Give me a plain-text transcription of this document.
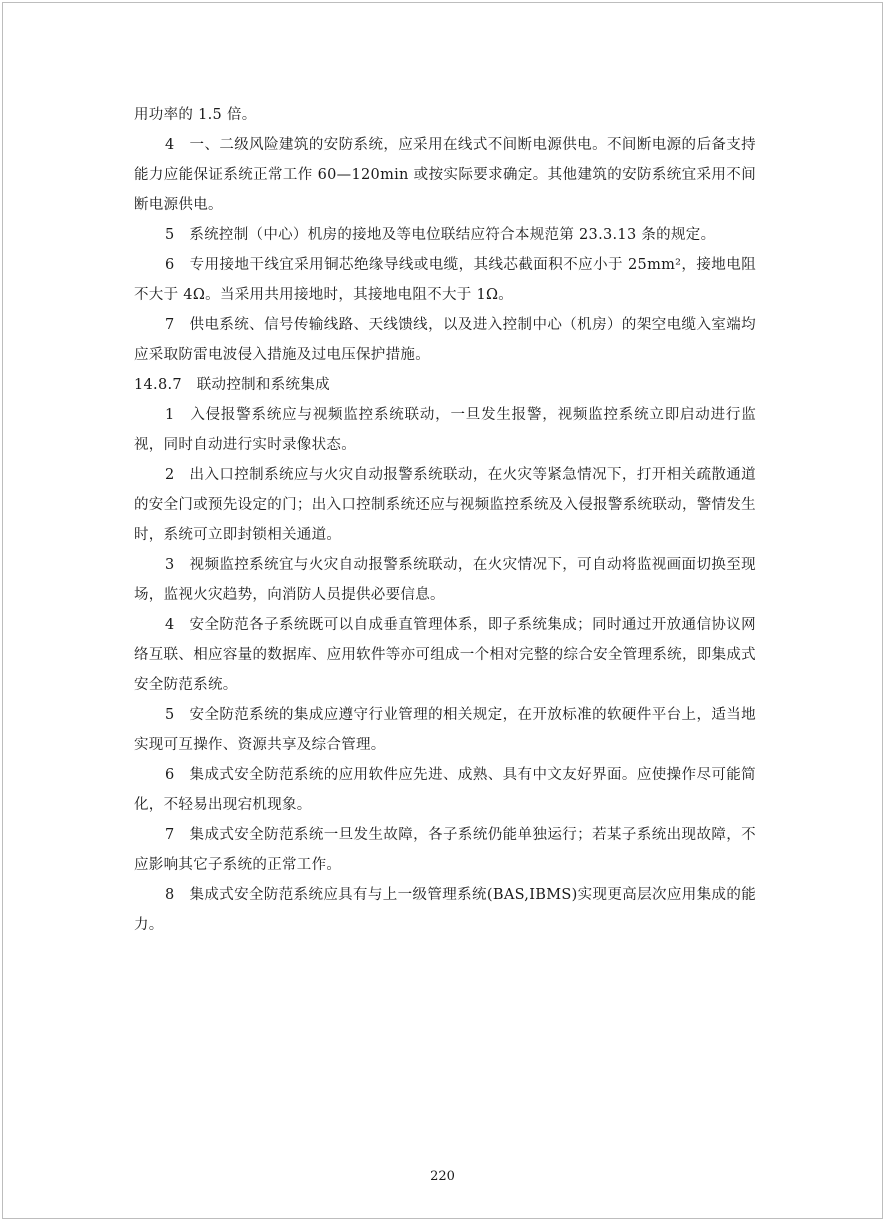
用功率的 1.5 倍。

4　一、二级风险建筑的安防系统，应采用在线式不间断电源供电。不间断电源的后备支持能力应能保证系统正常工作 60—120min 或按实际要求确定。其他建筑的安防系统宜采用不间断电源供电。

5　系统控制（中心）机房的接地及等电位联结应符合本规范第 23.3.13 条的规定。

6　专用接地干线宜采用铜芯绝缘导线或电缆，其线芯截面积不应小于 25mm²，接地电阻不大于 4Ω。当采用共用接地时，其接地电阻不大于 1Ω。

7　供电系统、信号传输线路、天线馈线，以及进入控制中心（机房）的架空电缆入室端均应采取防雷电波侵入措施及过电压保护措施。

14.8.7　联动控制和系统集成

1　入侵报警系统应与视频监控系统联动，一旦发生报警，视频监控系统立即启动进行监视，同时自动进行实时录像状态。

2　出入口控制系统应与火灾自动报警系统联动，在火灾等紧急情况下，打开相关疏散通道的安全门或预先设定的门；出入口控制系统还应与视频监控系统及入侵报警系统联动，警情发生时，系统可立即封锁相关通道。

3　视频监控系统宜与火灾自动报警系统联动，在火灾情况下，可自动将监视画面切换至现场，监视火灾趋势，向消防人员提供必要信息。

4　安全防范各子系统既可以自成垂直管理体系，即子系统集成；同时通过开放通信协议网络互联、相应容量的数据库、应用软件等亦可组成一个相对完整的综合安全管理系统，即集成式安全防范系统。

5　安全防范系统的集成应遵守行业管理的相关规定，在开放标准的软硬件平台上，适当地实现可互操作、资源共享及综合管理。

6　集成式安全防范系统的应用软件应先进、成熟、具有中文友好界面。应使操作尽可能简化，不轻易出现宕机现象。

7　集成式安全防范系统一旦发生故障，各子系统仍能单独运行；若某子系统出现故障，不应影响其它子系统的正常工作。

8　集成式安全防范系统应具有与上一级管理系统(BAS,IBMS)实现更高层次应用集成的能力。

220
